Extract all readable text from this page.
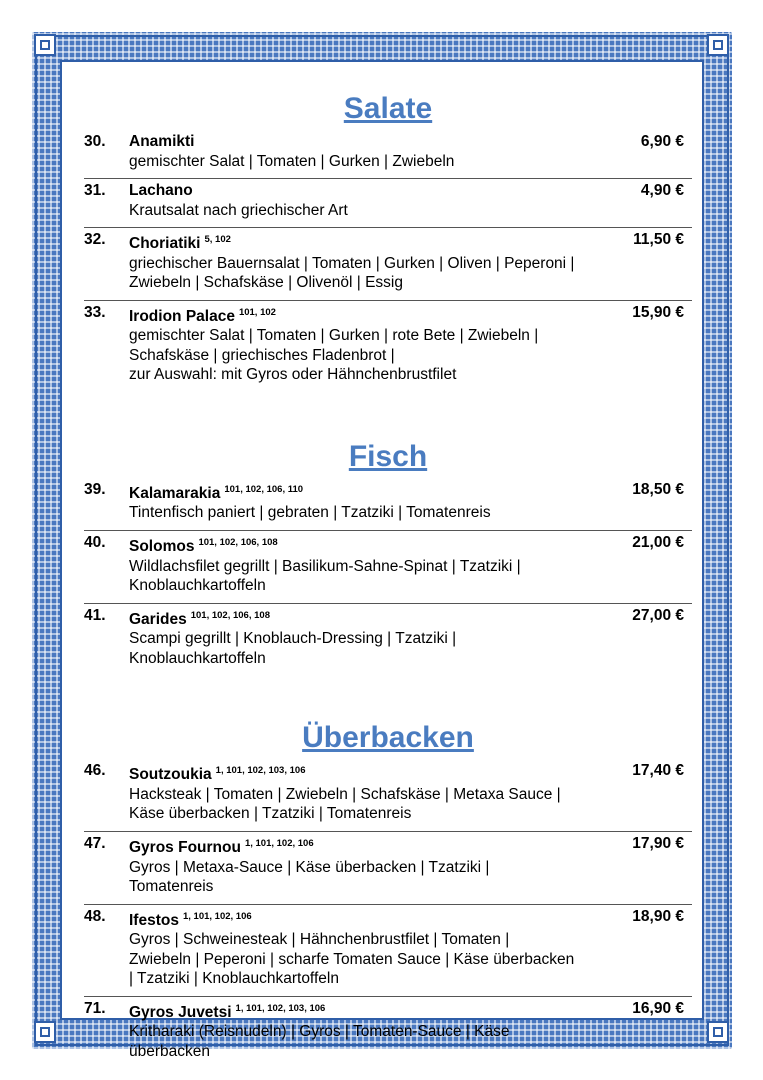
Salate
30.	6,90 €
Anamikti
gemischter Salat | Tomaten | Gurken | Zwiebeln
31.	4,90 €
Lachano
Krautsalat nach griechischer Art
32.	11,50 €
Choriatiki $^{5, 102}$
griechischer Bauernsalat | Tomaten | Gurken | Oliven | Peperoni |
Zwiebeln | Schafskäse | Olivenöl | Essig
33.	15,90 €
Irodion Palace $^{101, 102}$
gemischter Salat | Tomaten | Gurken | rote Bete | Zwiebeln |
Schafskäse | griechisches Fladenbrot |
zur Auswahl: mit Gyros oder Hähnchenbrustfilet
Fisch
39.	18,50 €
Kalamarakia $^{101, 102, 106, 110}$
Tintenfisch paniert | gebraten | Tzatziki | Tomatenreis
40.	21,00 €
Solomos $^{101, 102, 106, 108}$
Wildlachsfilet gegrillt | Basilikum-Sahne-Spinat | Tzatziki |
Knoblauchkartoffeln
41.	27,00 €
Garides $^{101, 102, 106, 108}$
Scampi gegrillt | Knoblauch-Dressing | Tzatziki |
Knoblauchkartoffeln
Überbacken
46.	17,40 €
Soutzoukia $^{1, 101, 102, 103, 106}$
Hacksteak | Tomaten | Zwiebeln | Schafskäse | Metaxa Sauce |
Käse überbacken | Tzatziki | Tomatenreis
47.	17,90 €
Gyros Fournou $^{1, 101, 102, 106}$
Gyros | Metaxa-Sauce | Käse überbacken | Tzatziki |
Tomatenreis
48.	18,90 €
Ifestos $^{1, 101, 102, 106}$
Gyros | Schweinesteak | Hähnchenbrustfilet | Tomaten |
Zwiebeln | Peperoni | scharfe Tomaten Sauce | Käse überbacken
| Tzatziki | Knoblauchkartoffeln
71.	16,90 €
Gyros Juvetsi $^{1, 101, 102, 103, 106}$
Kritharaki (Reisnudeln) | Gyros | Tomaten-Sauce | Käse
überbacken
